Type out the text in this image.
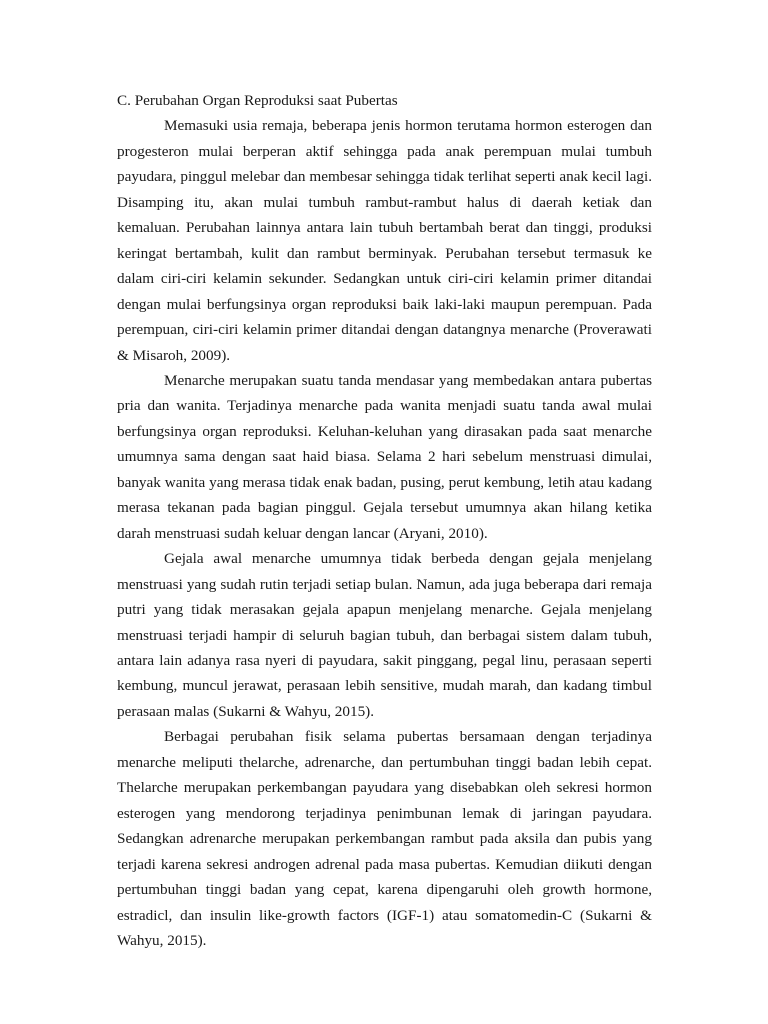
C. Perubahan Organ Reproduksi saat Pubertas

Memasuki usia remaja, beberapa jenis hormon terutama hormon esterogen dan progesteron mulai berperan aktif sehingga pada anak perempuan mulai tumbuh payudara, pinggul melebar dan membesar sehingga tidak terlihat seperti anak kecil lagi. Disamping itu, akan mulai tumbuh rambut-rambut halus di daerah ketiak dan kemaluan. Perubahan lainnya antara lain tubuh bertambah berat dan tinggi, produksi keringat bertambah, kulit dan rambut berminyak. Perubahan tersebut termasuk ke dalam ciri-ciri kelamin sekunder. Sedangkan untuk ciri-ciri kelamin primer ditandai dengan mulai berfungsinya organ reproduksi baik laki-laki maupun perempuan. Pada perempuan, ciri-ciri kelamin primer ditandai dengan datangnya menarche (Proverawati & Misaroh, 2009).

Menarche merupakan suatu tanda mendasar yang membedakan antara pubertas pria dan wanita. Terjadinya menarche pada wanita menjadi suatu tanda awal mulai berfungsinya organ reproduksi. Keluhan-keluhan yang dirasakan pada saat menarche umumnya sama dengan saat haid biasa. Selama 2 hari sebelum menstruasi dimulai, banyak wanita yang merasa tidak enak badan, pusing, perut kembung, letih atau kadang merasa tekanan pada bagian pinggul. Gejala tersebut umumnya akan hilang ketika darah menstruasi sudah keluar dengan lancar (Aryani, 2010).

Gejala awal menarche umumnya tidak berbeda dengan gejala menjelang menstruasi yang sudah rutin terjadi setiap bulan. Namun, ada juga beberapa dari remaja putri yang tidak merasakan gejala apapun menjelang menarche. Gejala menjelang menstruasi terjadi hampir di seluruh bagian tubuh, dan berbagai sistem dalam tubuh, antara lain adanya rasa nyeri di payudara, sakit pinggang, pegal linu, perasaan seperti kembung, muncul jerawat, perasaan lebih sensitive, mudah marah, dan kadang timbul perasaan malas (Sukarni & Wahyu, 2015).

Berbagai perubahan fisik selama pubertas bersamaan dengan terjadinya menarche meliputi thelarche, adrenarche, dan pertumbuhan tinggi badan lebih cepat. Thelarche merupakan perkembangan payudara yang disebabkan oleh sekresi hormon esterogen yang mendorong terjadinya penimbunan lemak di jaringan payudara. Sedangkan adrenarche merupakan perkembangan rambut pada aksila dan pubis yang terjadi karena sekresi androgen adrenal pada masa pubertas. Kemudian diikuti dengan pertumbuhan tinggi badan yang cepat, karena dipengaruhi oleh growth hormone, estradicl, dan insulin like-growth factors (IGF-1) atau somatomedin-C (Sukarni & Wahyu, 2015).
